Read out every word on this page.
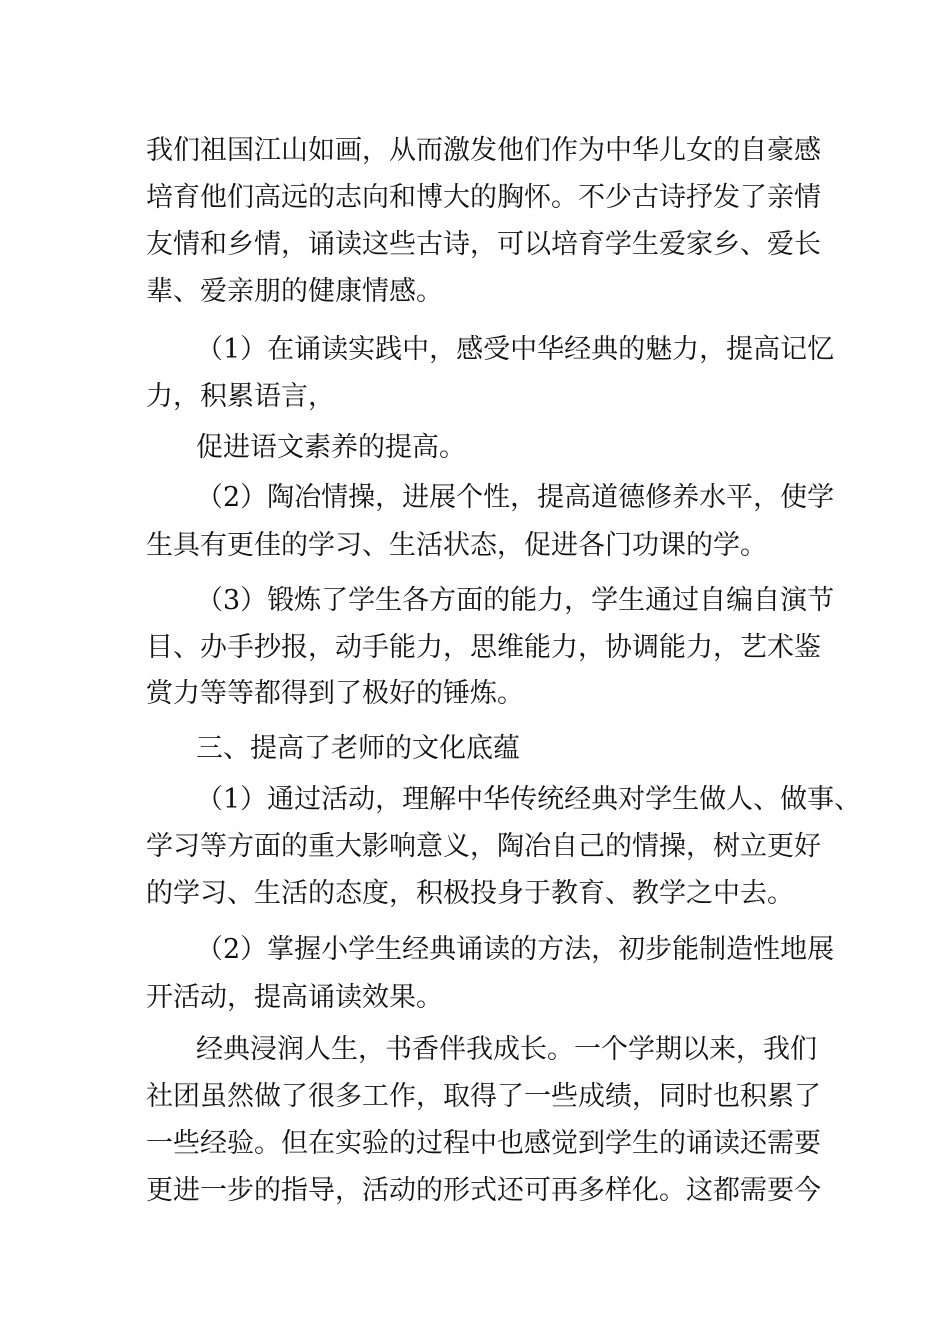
我们祖国江山如画，从而激发他们作为中华儿女的自豪感
培育他们高远的志向和博大的胸怀。不少古诗抒发了亲情
友情和乡情，诵读这些古诗，可以培育学生爱家乡、爱长
辈、爱亲朋的健康情感。
（1）在诵读实践中，感受中华经典的魅力，提高记忆
力，积累语言，
促进语文素养的提高。
（2）陶冶情操，进展个性，提高道德修养水平，使学
生具有更佳的学习、生活状态，促进各门功课的学。
（3）锻炼了学生各方面的能力，学生通过自编自演节
目、办手抄报，动手能力，思维能力，协调能力，艺术鉴
赏力等等都得到了极好的锤炼。
三、提高了老师的文化底蕴
（1）通过活动，理解中华传统经典对学生做人、做事、
学习等方面的重大影响意义，陶冶自己的情操，树立更好
的学习、生活的态度，积极投身于教育、教学之中去。
（2）掌握小学生经典诵读的方法，初步能制造性地展
开活动，提高诵读效果。
经典浸润人生，书香伴我成长。一个学期以来，我们
社团虽然做了很多工作，取得了一些成绩，同时也积累了
一些经验。但在实验的过程中也感觉到学生的诵读还需要
更进一步的指导，活动的形式还可再多样化。这都需要今
